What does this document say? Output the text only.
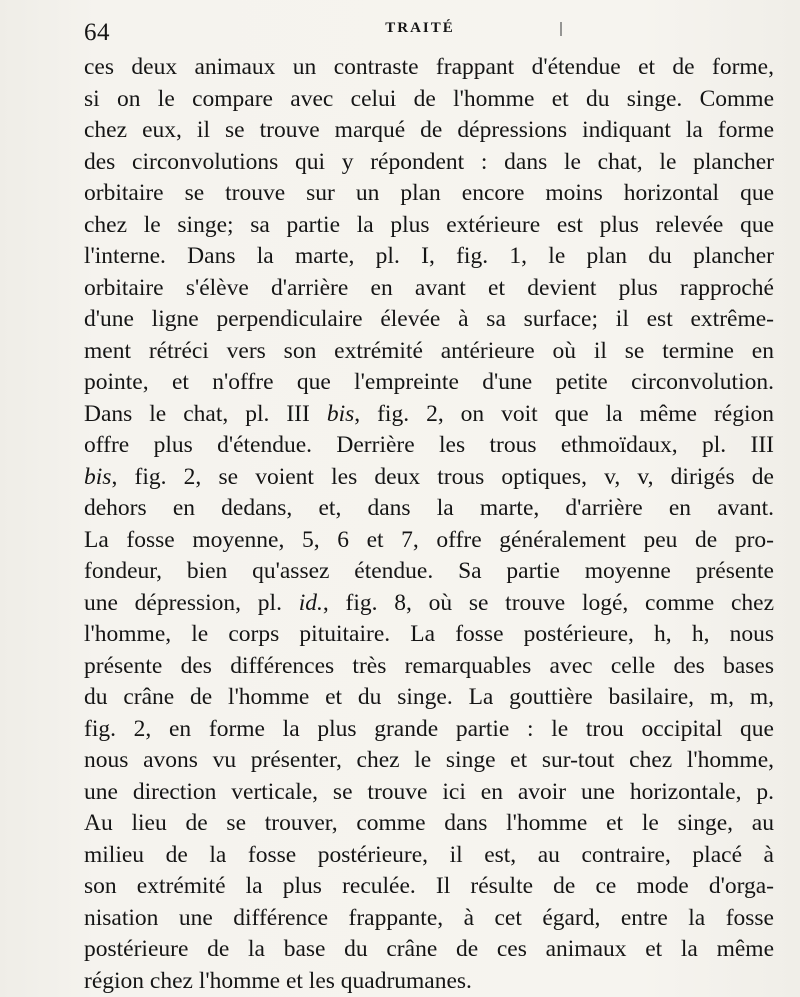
64	TRAITÉ
ces deux animaux un contraste frappant d'étendue et de forme,
si on le compare avec celui de l'homme et du singe. Comme
chez eux, il se trouve marqué de dépressions indiquant la forme
des circonvolutions qui y répondent : dans le chat, le plancher
orbitaire se trouve sur un plan encore moins horizontal que
chez le singe; sa partie la plus extérieure est plus relevée que
l'interne. Dans la marte, pl. I, fig. 1, le plan du plancher
orbitaire s'élève d'arrière en avant et devient plus rapproché
d'une ligne perpendiculaire élevée à sa surface; il est extrême-
ment rétréci vers son extrémité antérieure où il se termine en
pointe, et n'offre que l'empreinte d'une petite circonvolution.
Dans le chat, pl. III bis, fig. 2, on voit que la même région
offre plus d'étendue. Derrière les trous ethmoïdaux, pl. III
bis, fig. 2, se voient les deux trous optiques, v, v, dirigés de
dehors en dedans, et, dans la marte, d'arrière en avant.
La fosse moyenne, 5, 6 et 7, offre généralement peu de pro-
fondeur, bien qu'assez étendue. Sa partie moyenne présente
une dépression, pl. id., fig. 8, où se trouve logé, comme chez
l'homme, le corps pituitaire. La fosse postérieure, h, h, nous
présente des différences très remarquables avec celle des bases
du crâne de l'homme et du singe. La gouttière basilaire, m, m,
fig. 2, en forme la plus grande partie : le trou occipital que
nous avons vu présenter, chez le singe et sur-tout chez l'homme,
une direction verticale, se trouve ici en avoir une horizontale, p.
Au lieu de se trouver, comme dans l'homme et le singe, au
milieu de la fosse postérieure, il est, au contraire, placé à
son extrémité la plus reculée. Il résulte de ce mode d'orga-
nisation une différence frappante, à cet égard, entre la fosse
postérieure de la base du crâne de ces animaux et la même
région chez l'homme et les quadrumanes.
